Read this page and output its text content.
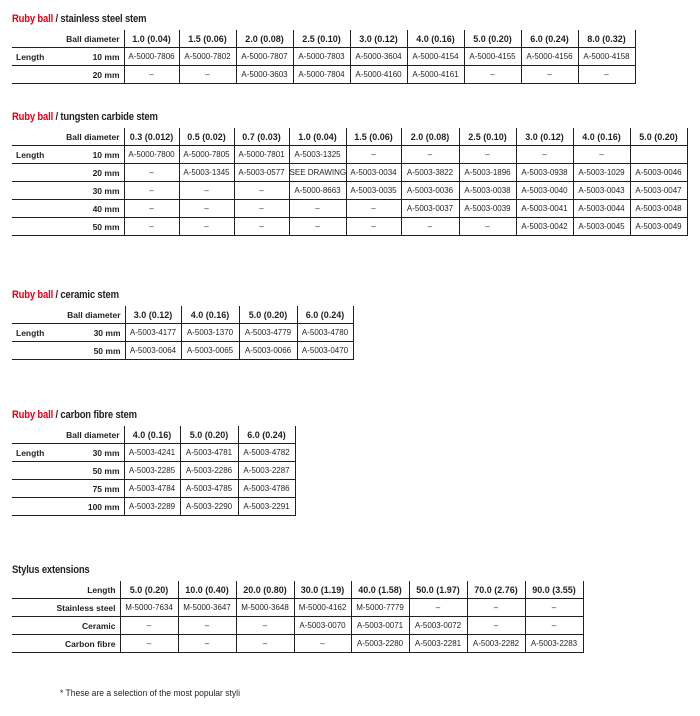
Ruby ball / stainless steel stem
Ball diameter		1.0 (0.04)	1.5 (0.06)	2.0 (0.08)	2.5 (0.10)	3.0 (0.12)	4.0 (0.16)	5.0 (0.20)	6.0 (0.24)	8.0 (0.32)
Length	10 mm	A-5000-7806	A-5000-7802	A-5000-7807	A-5000-7803	A-5000-3604	A-5000-4154	A-5000-4155	A-5000-4156	A-5000-4158
	20 mm	–	–	A-5000-3603	A-5000-7804	A-5000-4160	A-5000-4161	–	–	–
Ruby ball / tungsten carbide stem
Ball diameter		0.3 (0.012)	0.5 (0.02)	0.7 (0.03)	1.0 (0.04)	1.5 (0.06)	2.0 (0.08)	2.5 (0.10)	3.0 (0.12)	4.0 (0.16)	5.0 (0.20)
Length	10 mm	A-5000-7800	A-5000-7805	A-5000-7801	A-5003-1325	–	–	–	–	–	
	20 mm	–	A-5003-1345	A-5003-0577	SEE DRAWING	A-5003-0034	A-5003-3822	A-5003-1896	A-5003-0938	A-5003-1029	A-5003-0046
	30 mm	–	–	–	A-5000-8663	A-5003-0035	A-5003-0036	A-5003-0038	A-5003-0040	A-5003-0043	A-5003-0047
	40 mm	–	–	–	–	–	A-5003-0037	A-5003-0039	A-5003-0041	A-5003-0044	A-5003-0048
	50 mm	–	–	–	–	–	–	–	A-5003-0042	A-5003-0045	A-5003-0049
Ruby ball / ceramic stem
Ball diameter		3.0 (0.12)	4.0 (0.16)	5.0 (0.20)	6.0 (0.24)
Length	30 mm	A-5003-4177	A-5003-1370	A-5003-4779	A-5003-4780
	50 mm	A-5003-0064	A-5003-0065	A-5003-0066	A-5003-0470
Ruby ball / carbon fibre stem
Ball diameter		4.0 (0.16)	5.0 (0.20)	6.0 (0.24)
Length	30 mm	A-5003-4241	A-5003-4781	A-5003-4782
	50 mm	A-5003-2285	A-5003-2286	A-5003-2287
	75 mm	A-5003-4784	A-5003-4785	A-5003-4786
	100 mm	A-5003-2289	A-5003-2290	A-5003-2291
Stylus extensions
Length	5.0 (0.20)	10.0 (0.40)	20.0 (0.80)	30.0 (1.19)	40.0 (1.58)	50.0 (1.97)	70.0 (2.76)	90.0 (3.55)
Stainless steel	M-5000-7634	M-5000-3647	M-5000-3648	M-5000-4162	M-5000-7779	–	–	–
Ceramic	–	–	–	A-5003-0070	A-5003-0071	A-5003-0072	–	–
Carbon fibre	–	–	–	–	A-5003-2280	A-5003-2281	A-5003-2282	A-5003-2283
* These are a selection of the most popular styli
